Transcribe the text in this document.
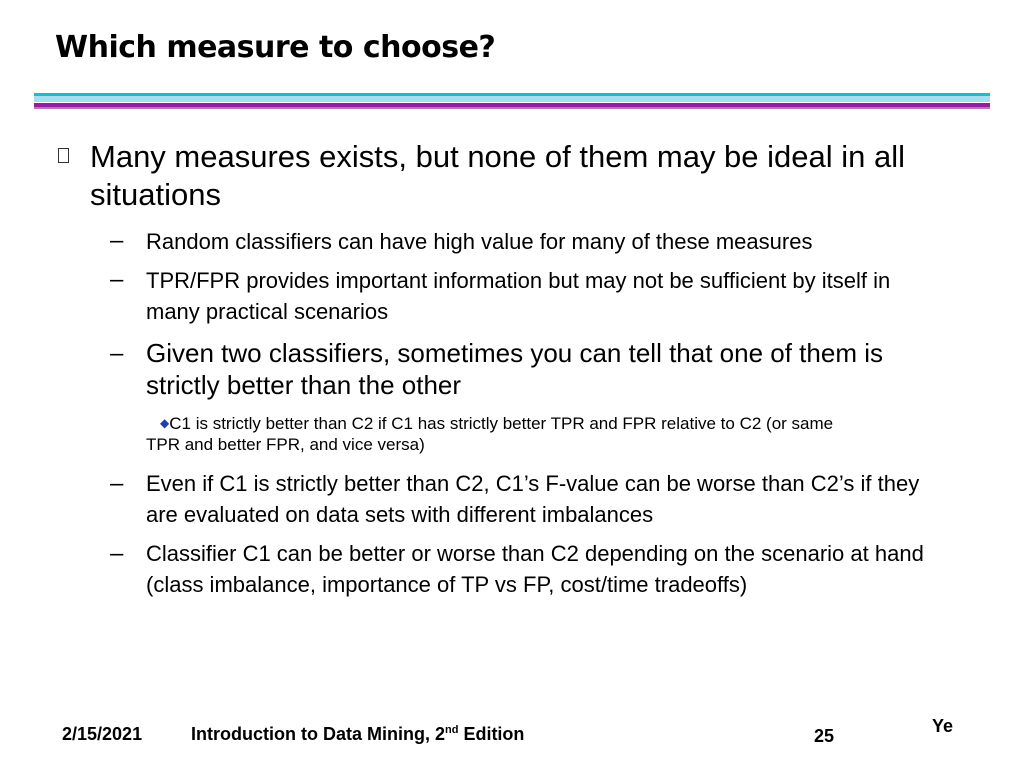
Which measure to choose?
Many measures exists, but none of them may be ideal in all situations
– Random classifiers can have high value for many of these measures
– TPR/FPR provides important information but may not be sufficient by itself in many practical scenarios
– Given two classifiers, sometimes you can tell that one of them is strictly better than the other
◆C1 is strictly better than C2 if C1 has strictly better TPR and FPR relative to C2 (or same
TPR and better FPR, and vice versa)
– Even if C1 is strictly better than C2, C1’s F-value can be worse than C2’s if they are evaluated on data sets with different imbalances
– Classifier C1 can be better or worse than C2 depending on the scenario at hand (class imbalance, importance of TP vs FP, cost/time tradeoffs)
2/15/2021	Introduction to Data Mining, 2nd Edition	25	Ye
